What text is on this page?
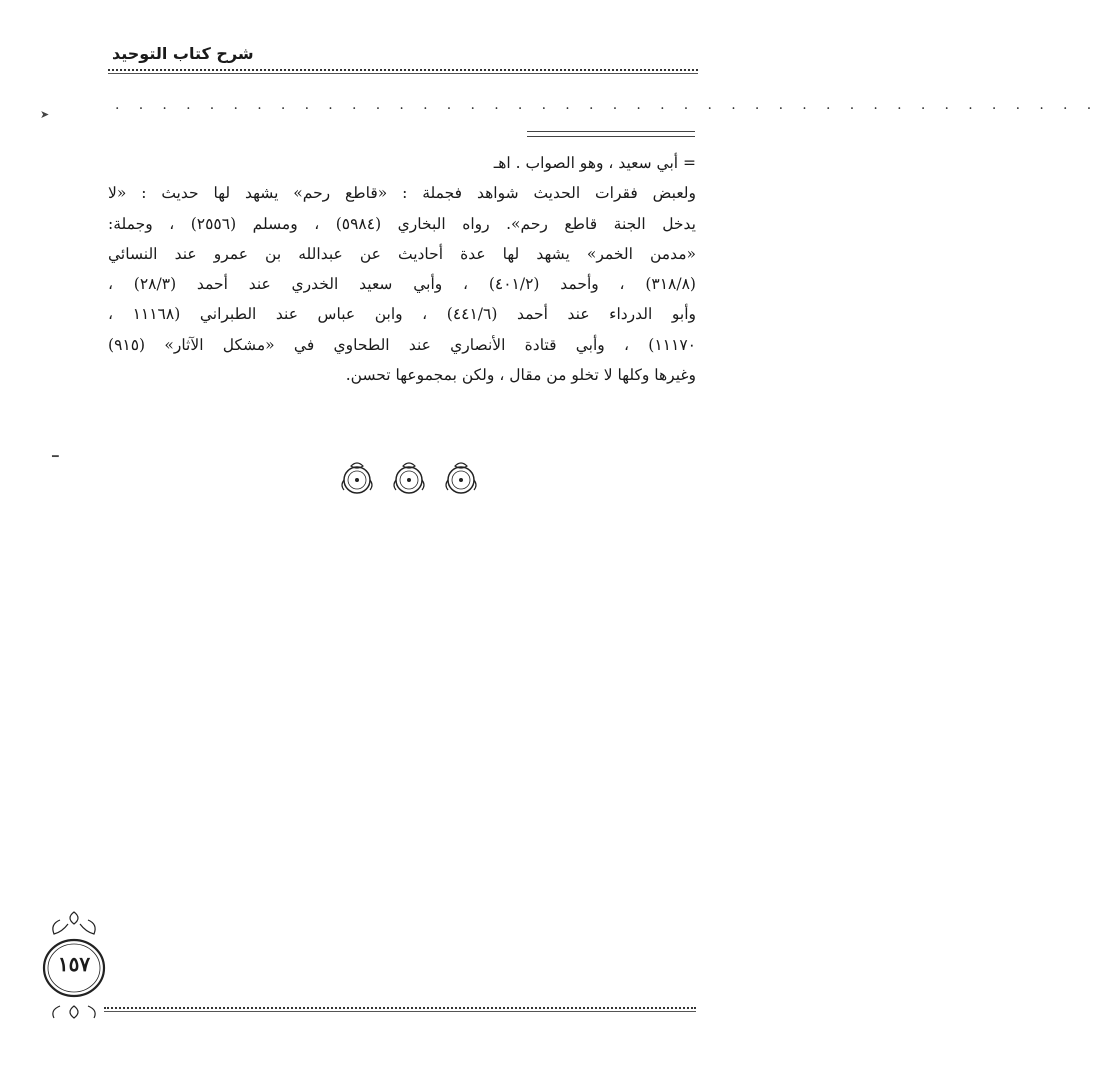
شرح كتاب التوحيد

. . . . . . . . . . . . . . . . . . . . . . . . . . . . . . . . . . . . . . . . . .

= أبي سعيد ، وهو الصواب . اهـ
ولعبض فقرات الحديث شواهد فجملة : «قاطع رحم» يشهد لها حديث : «لا
يدخل الجنة قاطع رحم». رواه البخاري (٥٩٨٤) ، ومسلم (٢٥٥٦) ، وجملة:
«مدمن الخمر» يشهد لها عدة أحاديث عن عبدالله بن عمرو عند النسائي
(٣١٨/٨) ، وأحمد (٤٠١/٢) ، وأبي سعيد الخدري عند أحمد (٢٨/٣) ،
وأبو الدرداء عند أحمد (٤٤١/٦) ، وابن عباس عند الطبراني (١١١٦٨ ،
١١١٧٠) ، وأبي قتادة الأنصاري عند الطحاوي في «مشكل الآثار» (٩١٥)
وغيرها وكلها لا تخلو من مقال ، ولكن بمجموعها تحسن.
١٥٧
➤
━
